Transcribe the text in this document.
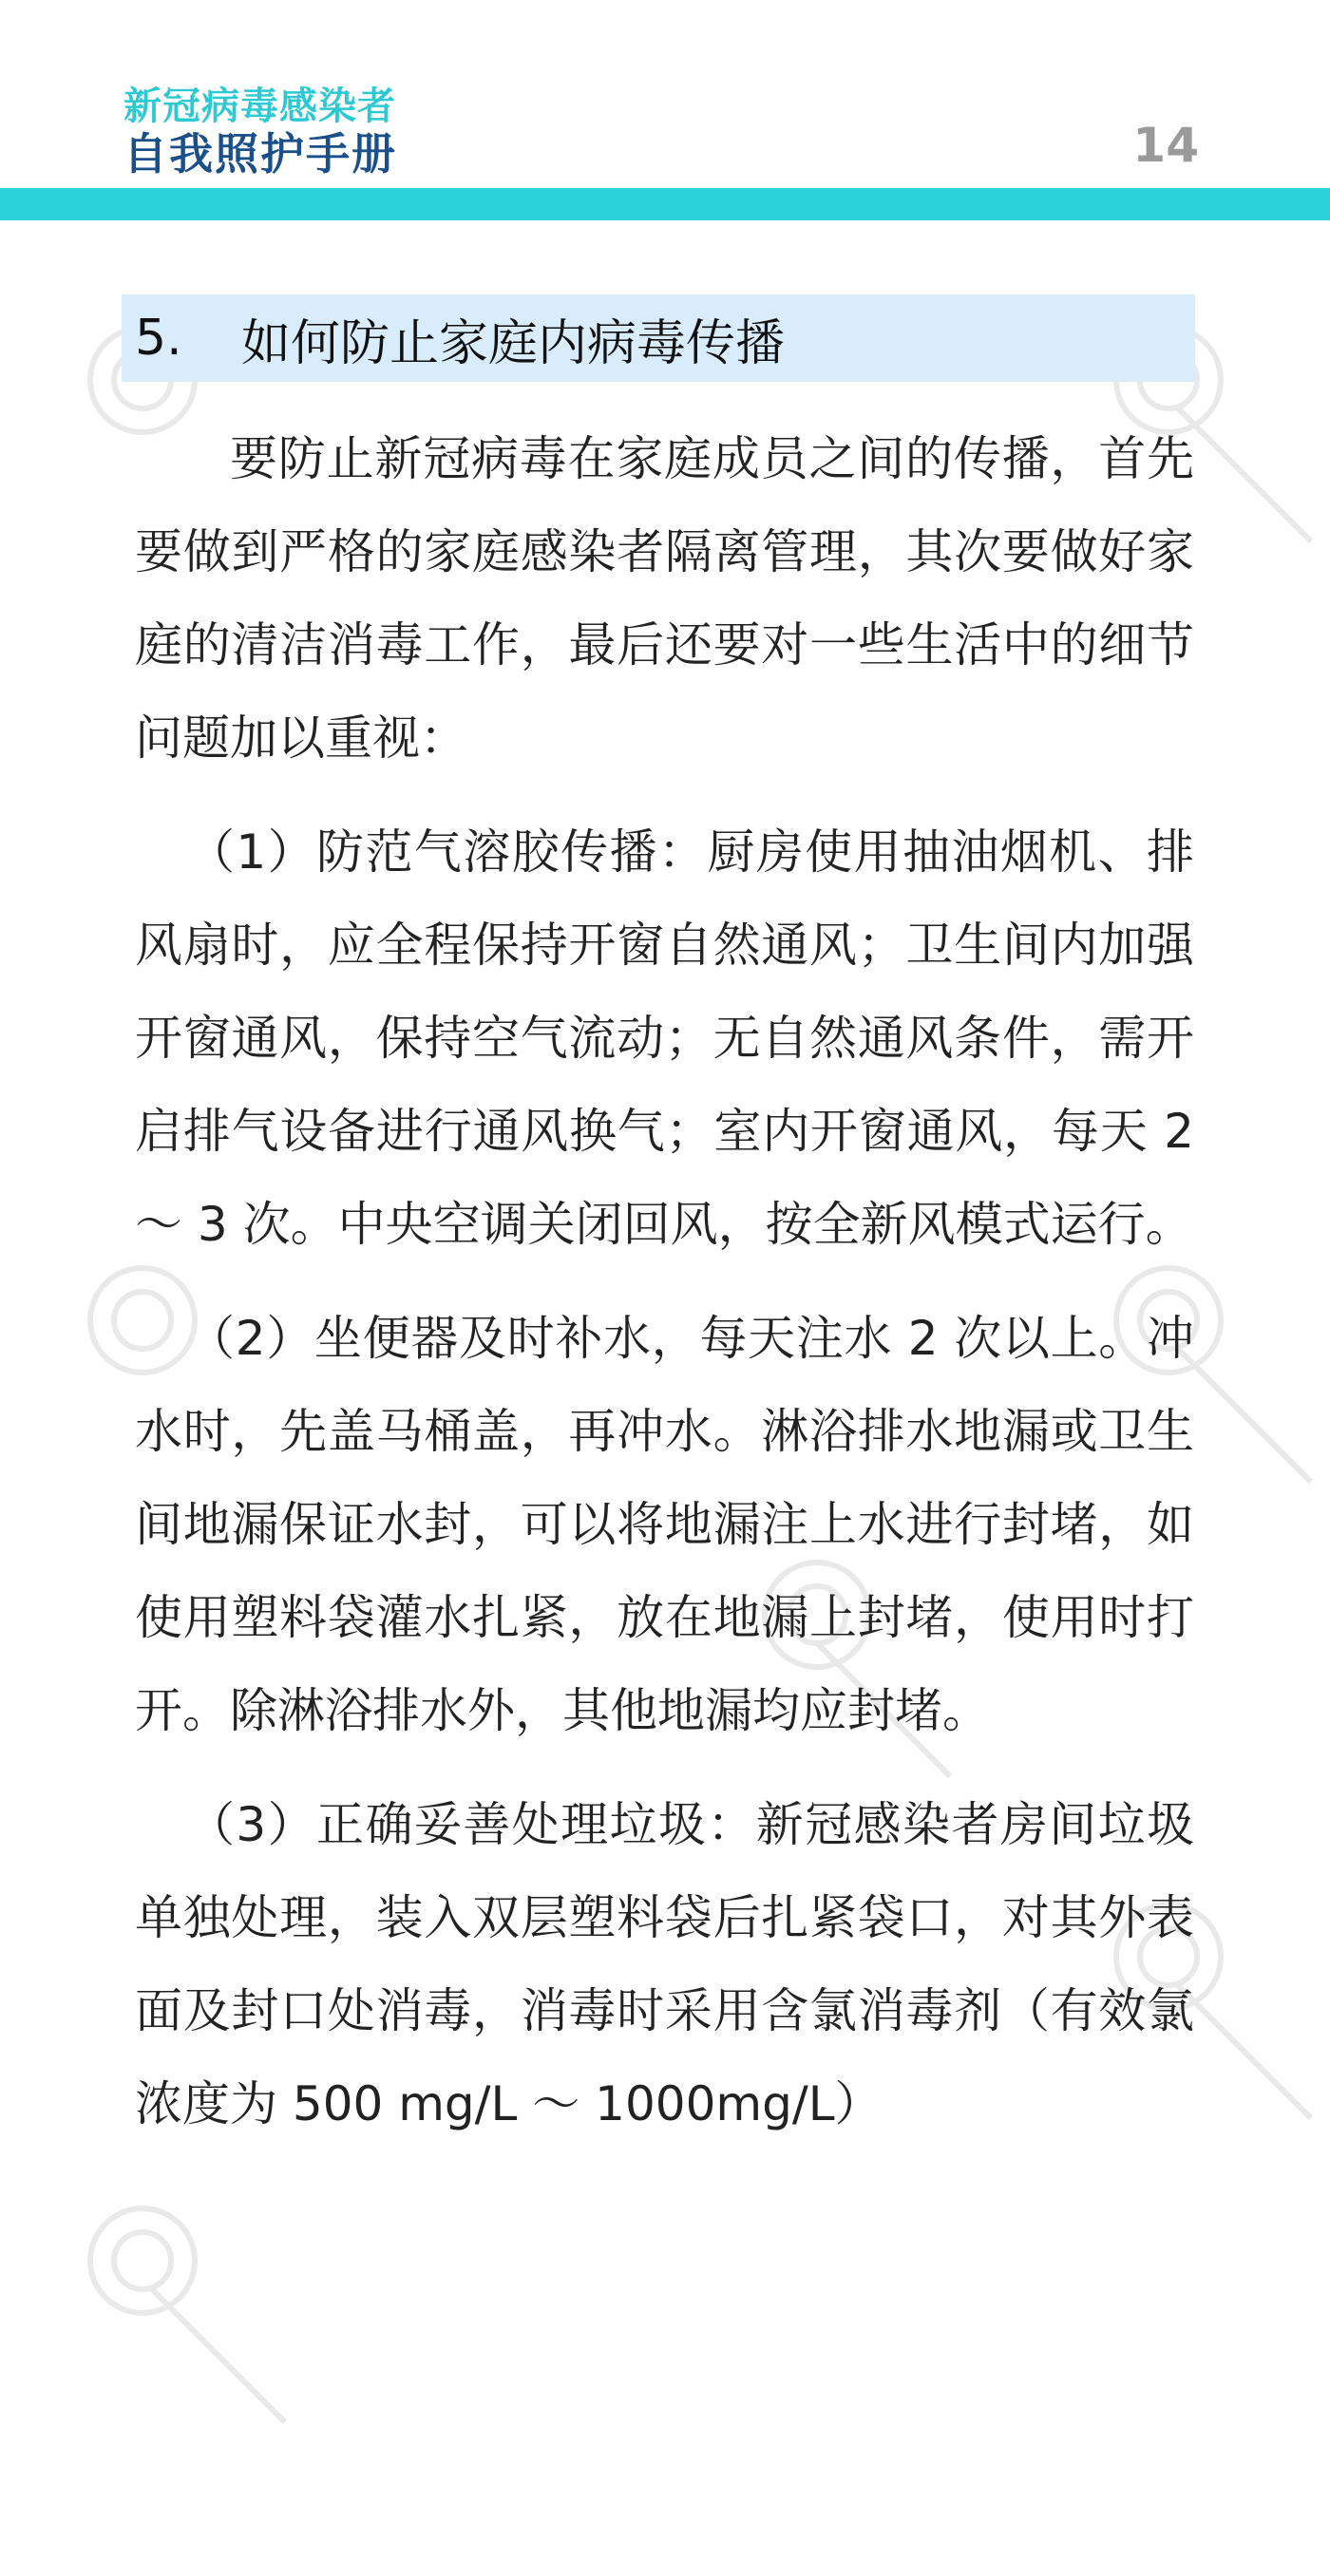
新冠病毒感染者
自我照护手册	14
5.	如何防止家庭内病毒传播

要防止新冠病毒在家庭成员之间的传播，首先要做到严格的家庭感染者隔离管理，其次要做好家庭的清洁消毒工作，最后还要对一些生活中的细节问题加以重视：

（1）防范气溶胶传播：厨房使用抽油烟机、排风扇时，应全程保持开窗自然通风；卫生间内加强开窗通风，保持空气流动；无自然通风条件，需开启排气设备进行通风换气；室内开窗通风，每天 2 ～ 3 次。中央空调关闭回风，按全新风模式运行。

（2）坐便器及时补水，每天注水 2 次以上。冲水时，先盖马桶盖，再冲水。淋浴排水地漏或卫生间地漏保证水封，可以将地漏注上水进行封堵，如使用塑料袋灌水扎紧，放在地漏上封堵，使用时打开。除淋浴排水外，其他地漏均应封堵。

（3）正确妥善处理垃圾：新冠感染者房间垃圾单独处理，装入双层塑料袋后扎紧袋口，对其外表面及封口处消毒，消毒时采用含氯消毒剂（有效氯浓度为 500 mg/L ～ 1000mg/L）
